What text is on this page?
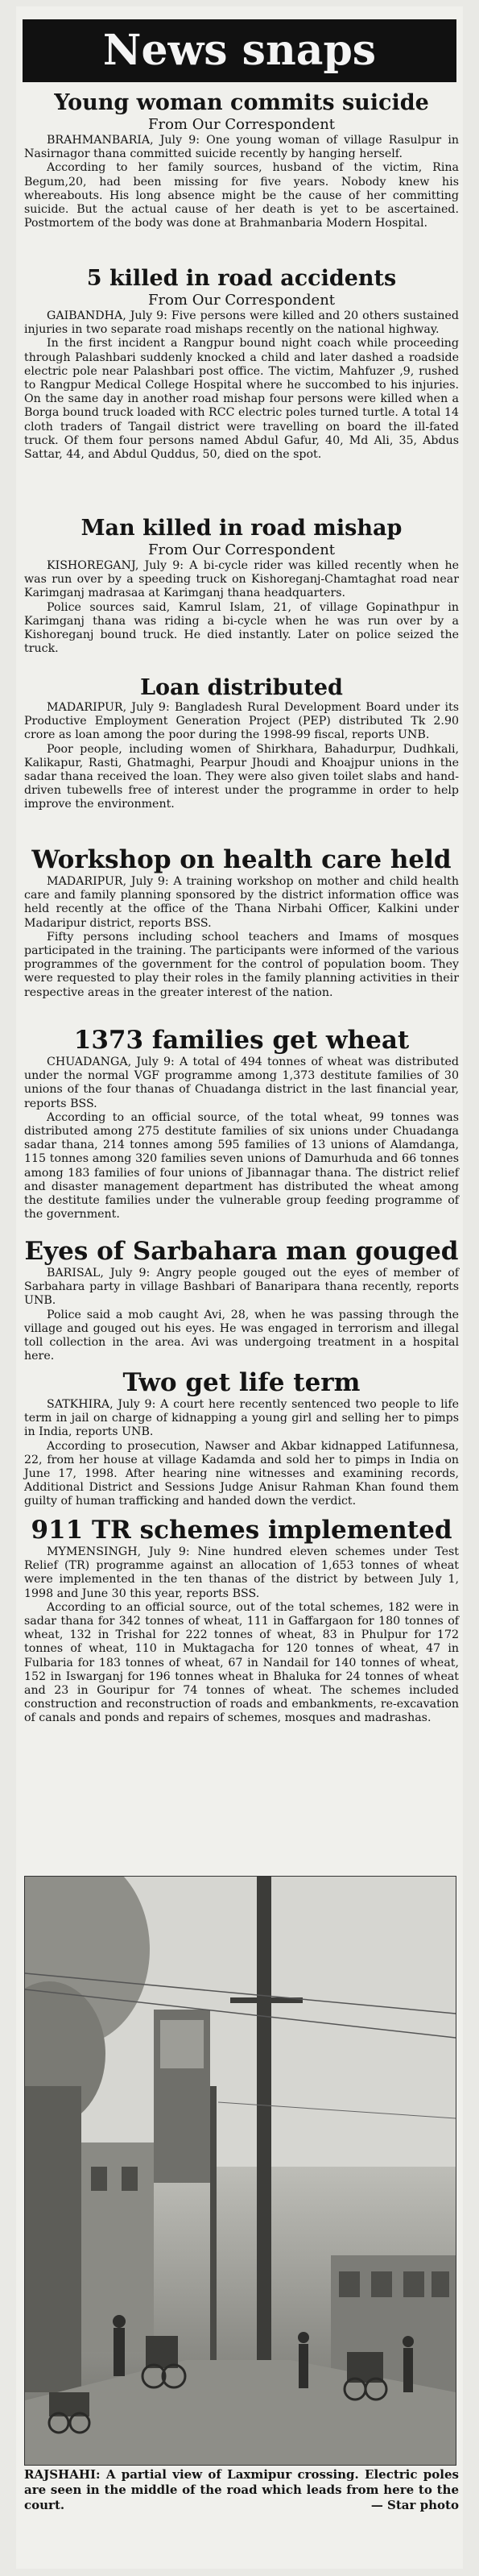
News snaps
Young woman commits suicide

From Our Correspondent

BRAHMANBARIA, July 9: One young woman of village Rasulpur in Nasirnagor thana committed suicide recently by hanging herself.

According to her family sources, husband of the victim, Rina Begum,20, had been missing for five years. Nobody knew his whereabouts. His long absence might be the cause of her committing suicide. But the actual cause of her death is yet to be ascertained. Postmortem of the body was done at Brahmanbaria Modern Hospital.

5 killed in road accidents

From Our Correspondent

GAIBANDHA, July 9: Five persons were killed and 20 others sustained injuries in two separate road mishaps recently on the national highway.

In the first incident a Rangpur bound night coach while proceeding through Palashbari suddenly knocked a child and later dashed a roadside electric pole near Palashbari post office. The victim, Mahfuzer ,9, rushed to Rangpur Medical College Hospital where he succombed to his injuries. On the same day in another road mishap four persons were killed when a Borga bound truck loaded with RCC electric poles turned turtle. A total 14 cloth traders of Tangail district were travelling on board the ill-fated truck. Of them four persons named Abdul Gafur, 40, Md Ali, 35, Abdus Sattar, 44, and Abdul Quddus, 50, died on the spot.

Man killed in road mishap

From Our Correspondent

KISHOREGANJ, July 9: A bi-cycle rider was killed recently when he was run over by a speeding truck on Kishoreganj-Chamtaghat road near Karimganj madrasaa at Karimganj thana headquarters.

Police sources said, Kamrul Islam, 21, of village Gopinathpur in Karimganj thana was riding a bi-cycle when he was run over by a Kishoreganj bound truck. He died instantly. Later on police seized the truck.

Loan distributed

MADARIPUR, July 9: Bangladesh Rural Development Board under its Productive Employment Generation Project (PEP) distributed Tk 2.90 crore as loan among the poor during the 1998-99 fiscal, reports UNB.

Poor people, including women of Shirkhara, Bahadurpur, Dudhkali, Kalikapur, Rasti, Ghatmaghi, Pearpur Jhoudi and Khoajpur unions in the sadar thana received the loan. They were also given toilet slabs and hand-driven tubewells free of interest under the programme in order to help improve the environment.

Workshop on health care held

MADARIPUR, July 9: A training workshop on mother and child health care and family planning sponsored by the district information office was held recently at the office of the Thana Nirbahi Officer, Kalkini under Madaripur district, reports BSS.

Fifty persons including school teachers and Imams of mosques participated in the training. The participants were informed of the various programmes of the government for the control of population boom. They were requested to play their roles in the family planning activities in their respective areas in the greater interest of the nation.

1373 families get wheat

CHUADANGA, July 9: A total of 494 tonnes of wheat was distributed under the normal VGF programme among 1,373 destitute families of 30 unions of the four thanas of Chuadanga district in the last financial year, reports BSS.

According to an official source, of the total wheat, 99 tonnes was distributed among 275 destitute families of six unions under Chuadanga sadar thana, 214 tonnes among 595 families of 13 unions of Alamdanga, 115 tonnes among 320 families seven unions of Damurhuda and 66 tonnes among 183 families of four unions of Jibannagar thana. The district relief and disaster management department has distributed the wheat among the destitute families under the vulnerable group feeding programme of the government.

Eyes of Sarbahara man gouged

BARISAL, July 9: Angry people gouged out the eyes of member of Sarbahara party in village Bashbari of Banaripara thana recently, reports UNB.

Police said a mob caught Avi, 28, when he was passing through the village and gouged out his eyes. He was engaged in terrorism and illegal toll collection in the area. Avi was undergoing treatment in a hospital here.

Two get life term

SATKHIRA, July 9: A court here recently sentenced two people to life term in jail on charge of kidnapping a young girl and selling her to pimps in India, reports UNB.

According to prosecution, Nawser and Akbar kidnapped Latifunnesa, 22, from her house at village Kadamda and sold her to pimps in India on June 17, 1998. After hearing nine witnesses and examining records, Additional District and Sessions Judge Anisur Rahman Khan found them guilty of human trafficking and handed down the verdict.

911 TR schemes implemented

MYMENSINGH, July 9: Nine hundred eleven schemes under Test Relief (TR) programme against an allocation of 1,653 tonnes of wheat were implemented in the ten thanas of the district by between July 1, 1998 and June 30 this year, reports BSS.

According to an official source, out of the total schemes, 182 were in sadar thana for 342 tonnes of wheat, 111 in Gaffargaon for 180 tonnes of wheat, 132 in Trishal for 222 tonnes of wheat, 83 in Phulpur for 172 tonnes of wheat, 110 in Muktagacha for 120 tonnes of wheat, 47 in Fulbaria for 183 tonnes of wheat, 67 in Nandail for 140 tonnes of wheat, 152 in Iswarganj for 196 tonnes wheat in Bhaluka for 24 tonnes of wheat and 23 in Gouripur for 74 tonnes of wheat. The schemes included construction and reconstruction of roads and embankments, re-excavation of canals and ponds and repairs of schemes, mosques and madrashas.

RAJSHAHI: A partial view of Laxmipur crossing. Electric poles are seen in the middle of the road which leads from here to the court.	— Star photo
